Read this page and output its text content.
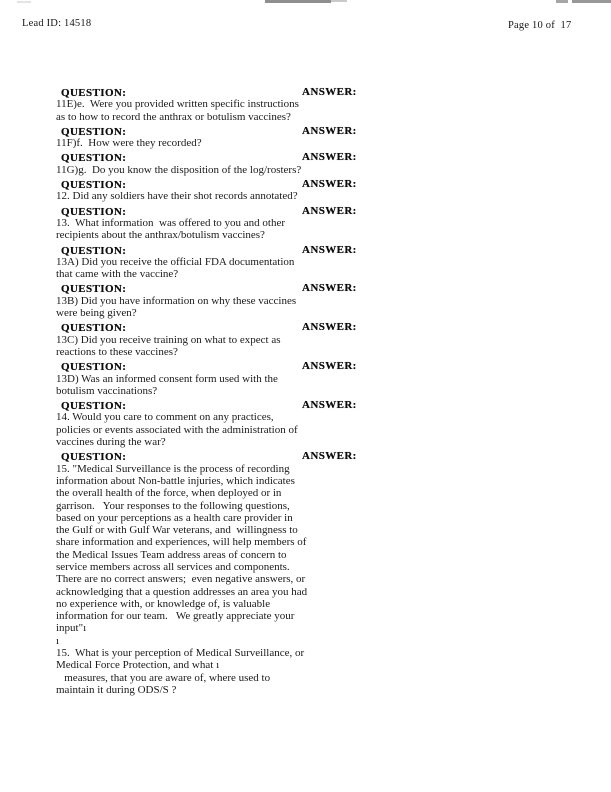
Lead ID: 14518	Page 10 of  17
QUESTION:	ANSWER:
11E)e.  Were you provided written specific instructions
as to how to record the anthrax or botulism vaccines?
QUESTION:	ANSWER:
11F)f.  How were they recorded?
QUESTION:	ANSWER:
11G)g.  Do you know the disposition of the log/rosters?
QUESTION:	ANSWER:
12. Did any soldiers have their shot records annotated?
QUESTION:	ANSWER:
13.  What information  was offered to you and other
recipients about the anthrax/botulism vaccines?
QUESTION:	ANSWER:
13A) Did you receive the official FDA documentation
that came with the vaccine?
QUESTION:	ANSWER:
13B) Did you have information on why these vaccines
were being given?
QUESTION:	ANSWER:
13C) Did you receive training on what to expect as
reactions to these vaccines?
QUESTION:	ANSWER:
13D) Was an informed consent form used with the
botulism vaccinations?
QUESTION:	ANSWER:
14. Would you care to comment on any practices,
policies or events associated with the administration of
vaccines during the war?
QUESTION:	ANSWER:
15. "Medical Surveillance is the process of recording
information about Non-battle injuries, which indicates
the overall health of the force, when deployed or in
garrison.   Your responses to the following questions,
based on your perceptions as a health care provider in
the Gulf or with Gulf War veterans, and  willingness to
share information and experiences, will help members of
the Medical Issues Team address areas of concern to
service members across all services and components.
There are no correct answers;  even negative answers, or
acknowledging that a question addresses an area you had
no experience with, or knowledge of, is valuable
information for our team.   We greatly appreciate your
input"ı
ı
15.  What is your perception of Medical Surveillance, or
Medical Force Protection, and what ı
measures, that you are aware of, where used to
maintain it during ODS/S ?
